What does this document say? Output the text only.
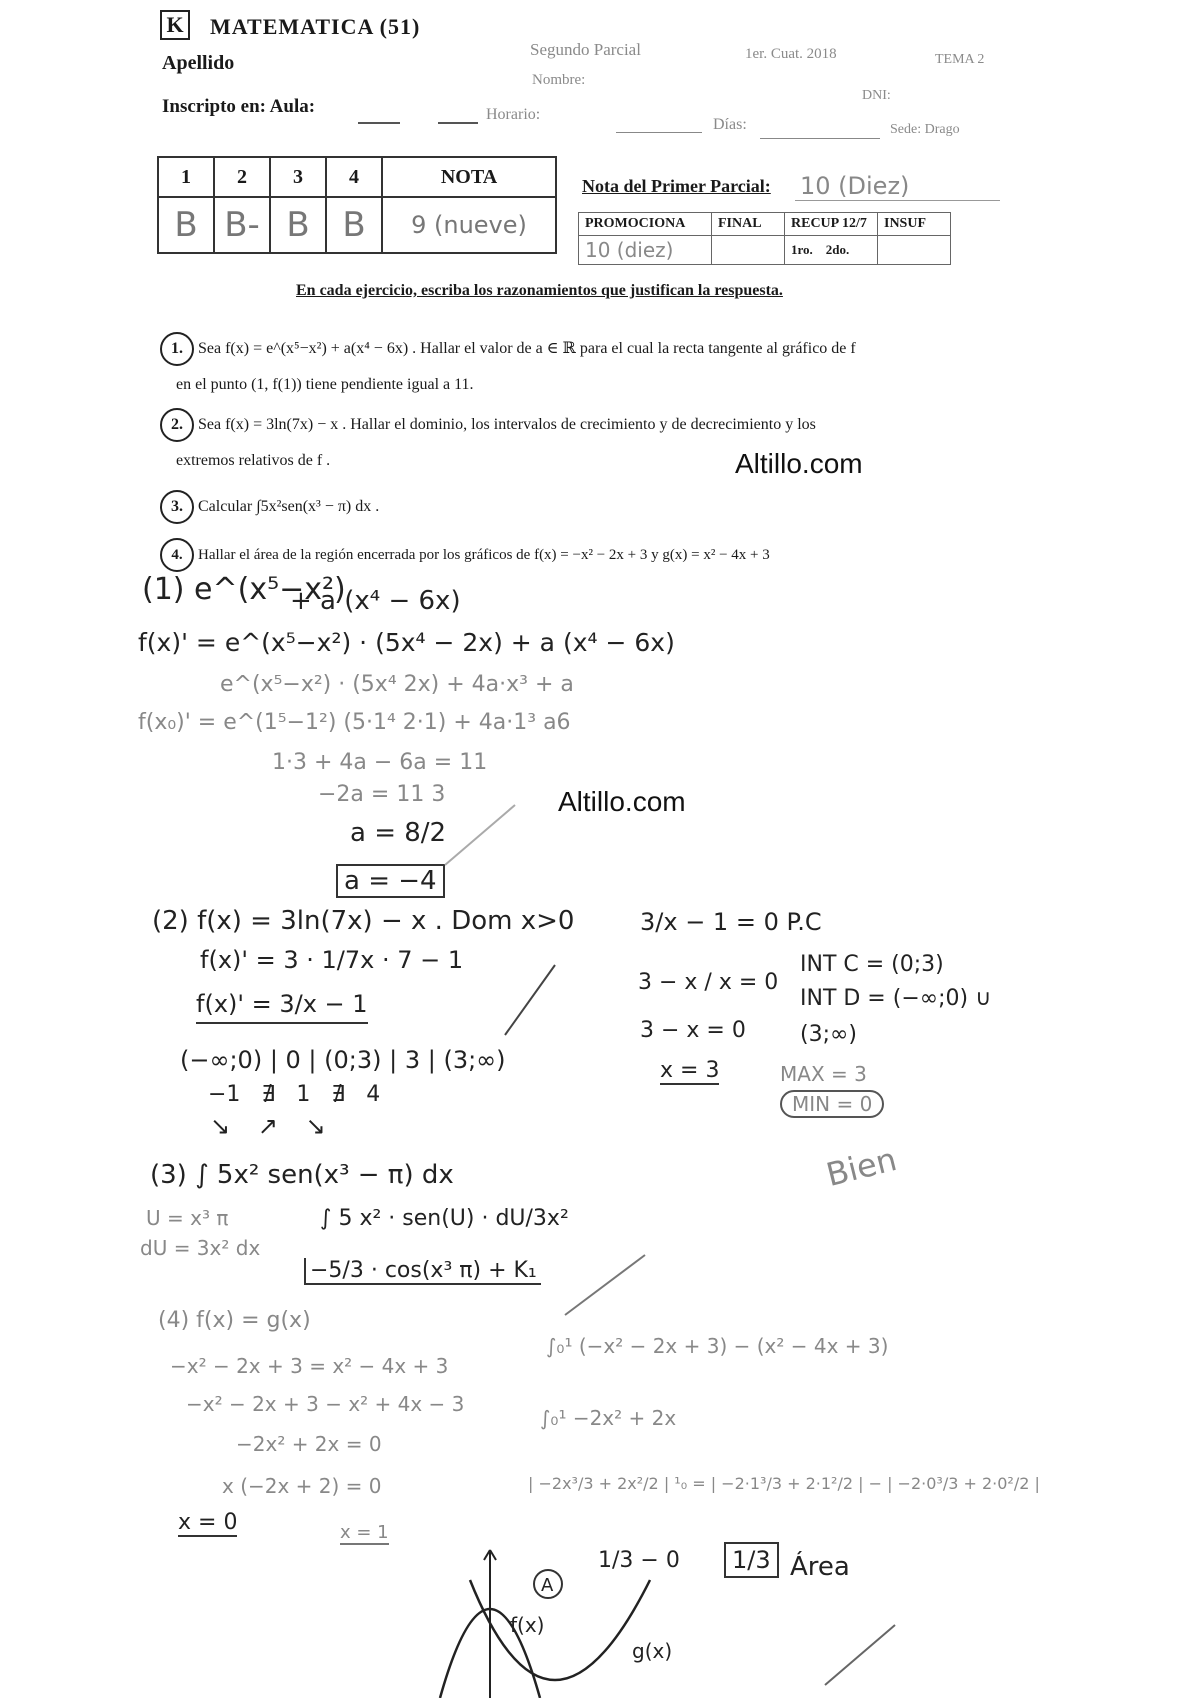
K MATEMATICA (51)
Segundo Parcial	1er. Cuat. 2018	TEMA 2
Apellido
Nombre:
DNI:
Inscripto en: Aula:	Horario:
Días:	Sede: Drago
1	2	3	4	NOTA
B	B-	B	B	9 (nueve)
Nota del Primer Parcial: 10 (Diez)
PROMOCIONA	FINAL	RECUP 12/7	INSUF
10 (diez)		1ro. 2do.	
En cada ejercicio, escriba los razonamientos que justifican la respuesta.
1. Sea f(x) = e^(x⁵−x²) + a(x⁴ − 6x) . Hallar el valor de a ∈ ℝ para el cual la recta tangente al gráfico de f
en el punto (1, f(1)) tiene pendiente igual a 11.
2. Sea f(x) = 3ln(7x) − x . Hallar el dominio, los intervalos de crecimiento y de decrecimiento y los
extremos relativos de f .	Altillo.com
3. Calcular ∫5x²sen(x³ − π) dx .
4. Hallar el área de la región encerrada por los gráficos de f(x) = −x² − 2x + 3 y g(x) = x² − 4x + 3
(1) e^(x⁵−x²)
+ a (x⁴ − 6x)
f(x)' = e^(x⁵−x²) · (5x⁴ − 2x) + a (x⁴ − 6x)
e^(x⁵−x²) · (5x⁴ 2x) + 4a·x³ + a
f(x₀)' = e^(1⁵−1²) (5·1⁴ 2·1) + 4a·1³ a6
1·3 + 4a − 6a = 11
−2a = 11 3	Altillo.com
a = 8/2
a = −4
(2) f(x) = 3ln(7x) − x . Dom x>0
f(x)' = 3 · 1/7x · 7 − 1
f(x)' = 3/x − 1
(−∞;0) | 0 | (0;3) | 3 | (3;∞)
−1 ∄ 1 ∄ 4
↘ ↗ ↘
3/x − 1 = 0 P.C
3 − x / x = 0
3 − x = 0
x = 3
INT C = (0;3)
INT D = (−∞;0) ∪
(3;∞)
MAX = 3
MIN = 0
Bien
(3) ∫ 5x² sen(x³ − π) dx
U = x³ π
dU = 3x² dx
∫ 5 x² · sen(U) · dU/3x²
−5/3 · cos(x³ π) + K₁
(4) f(x) = g(x)
−x² − 2x + 3 = x² − 4x + 3
−x² − 2x + 3 − x² + 4x − 3
−2x² + 2x = 0
x (−2x + 2) = 0
x = 0	x = 1
∫₀¹ (−x² − 2x + 3) − (x² − 4x + 3)
∫₀¹ −2x² + 2x
| −2x³/3 + 2x²/2 | ¹₀ = | −2·1³/3 + 2·1²/2 | − | −2·0³/3 + 2·0²/2 |
1/3 − 0	1/3 Área
A
f(x)
g(x)
